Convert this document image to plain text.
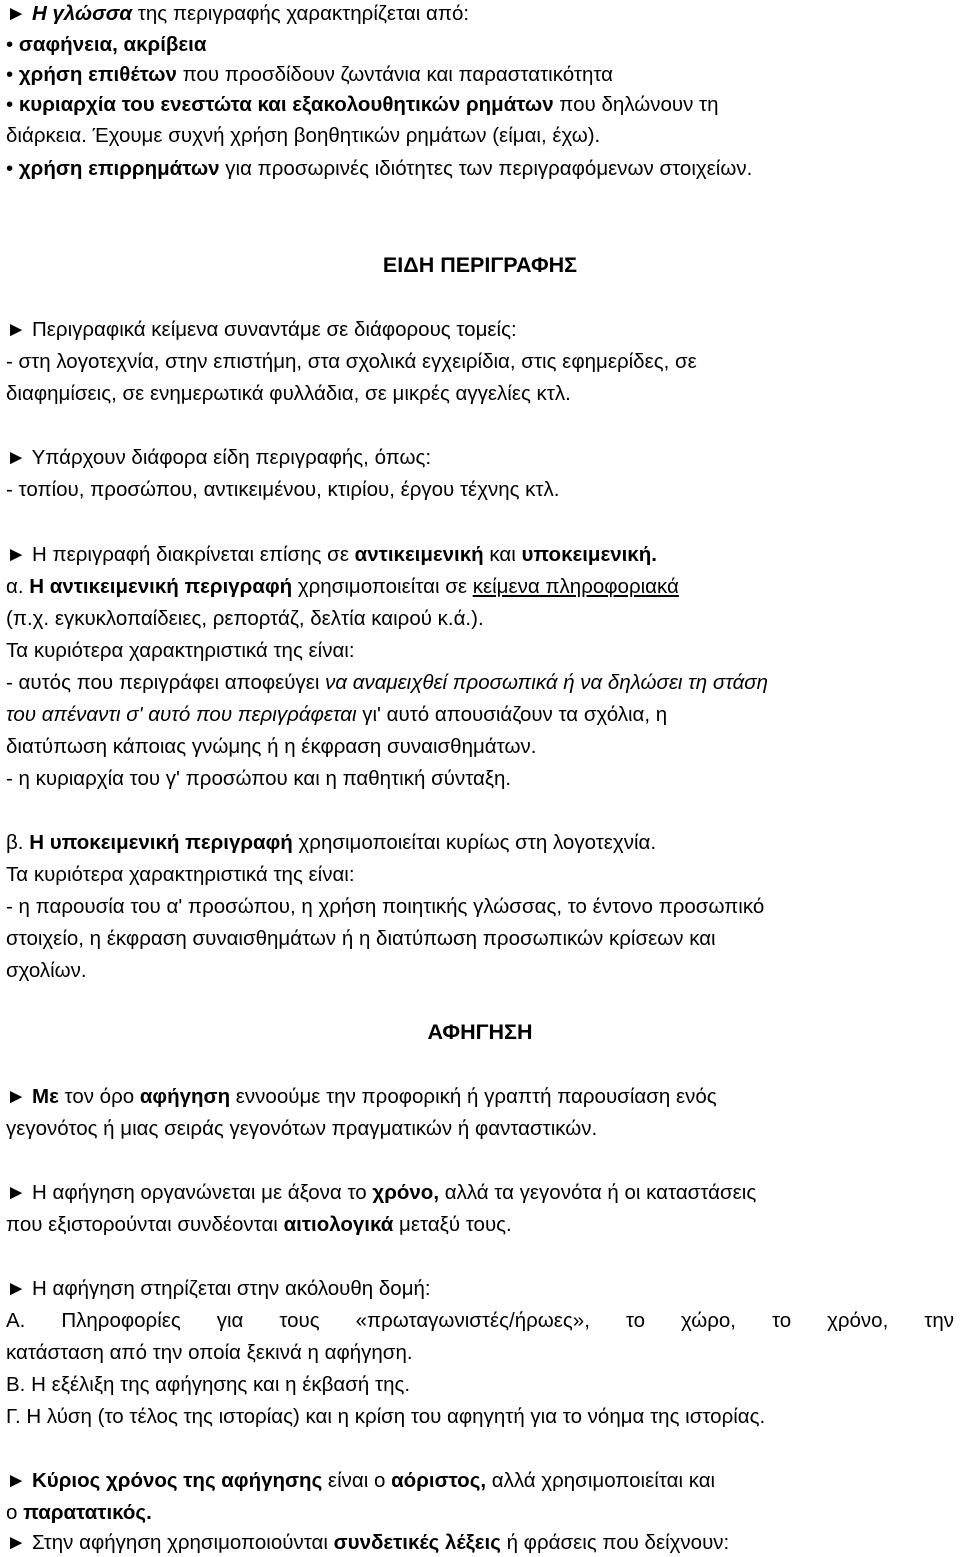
► Η γλώσσα της περιγραφής χαρακτηρίζεται από:
• σαφήνεια, ακρίβεια
• χρήση επιθέτων που προσδίδουν ζωντάνια και παραστατικότητα
• κυριαρχία του ενεστώτα και εξακολουθητικών ρημάτων που δηλώνουν τη
διάρκεια. Έχουμε συχνή χρήση βοηθητικών ρημάτων (είμαι, έχω).
• χρήση επιρρημάτων για προσωρινές ιδιότητες των περιγραφόμενων στοιχείων.
ΕΙΔΗ ΠΕΡΙΓΡΑΦΗΣ
► Περιγραφικά κείμενα συναντάμε σε διάφορους τομείς:
- στη λογοτεχνία, στην επιστήμη, στα σχολικά εγχειρίδια, στις εφημερίδες, σε
διαφημίσεις, σε ενημερωτικά φυλλάδια, σε μικρές αγγελίες κτλ.
► Υπάρχουν διάφορα είδη περιγραφής, όπως:
- τοπίου, προσώπου, αντικειμένου, κτιρίου, έργου τέχνης κτλ.
► Η περιγραφή διακρίνεται επίσης σε αντικειμενική και υποκειμενική.
α. Η αντικειμενική περιγραφή χρησιμοποιείται σε κείμενα πληροφοριακά
(π.χ. εγκυκλοπαίδειες, ρεπορτάζ, δελτία καιρού κ.ά.).
Τα κυριότερα χαρακτηριστικά της είναι:
- αυτός που περιγράφει αποφεύγει να αναμειχθεί προσωπικά ή να δηλώσει τη στάση
του απέναντι σ' αυτό που περιγράφεται γι' αυτό απουσιάζουν τα σχόλια, η
διατύπωση κάποιας γνώμης ή η έκφραση συναισθημάτων.
- η κυριαρχία του γ' προσώπου και η παθητική σύνταξη.
β. Η υποκειμενική περιγραφή χρησιμοποιείται κυρίως στη λογοτεχνία.
Τα κυριότερα χαρακτηριστικά της είναι:
- η παρουσία του α' προσώπου, η χρήση ποιητικής γλώσσας, το έντονο προσωπικό
στοιχείο, η έκφραση συναισθημάτων ή η διατύπωση προσωπικών κρίσεων και
σχολίων.
ΑΦΗΓΗΣΗ
► Με τον όρο αφήγηση εννοούμε την προφορική ή γραπτή παρουσίαση ενός
γεγονότος ή μιας σειράς γεγονότων πραγματικών ή φανταστικών.
► Η αφήγηση οργανώνεται με άξονα το χρόνο, αλλά τα γεγονότα ή οι καταστάσεις
που εξιστορούνται συνδέονται αιτιολογικά μεταξύ τους.
► Η αφήγηση στηρίζεται στην ακόλουθη δομή:
Α. Πληροφορίες για τους «πρωταγωνιστές/ήρωες», το χώρο, το χρόνο, την
κατάσταση από την οποία ξεκινά η αφήγηση.
Β. Η εξέλιξη της αφήγησης και η έκβασή της.
Γ. Η λύση (το τέλος της ιστορίας) και η κρίση του αφηγητή για το νόημα της ιστορίας.
► Κύριος χρόνος της αφήγησης είναι ο αόριστος, αλλά χρησιμοποιείται και
ο παρατατικός.
► Στην αφήγηση χρησιμοποιούνται συνδετικές λέξεις ή φράσεις που δείχνουν:
